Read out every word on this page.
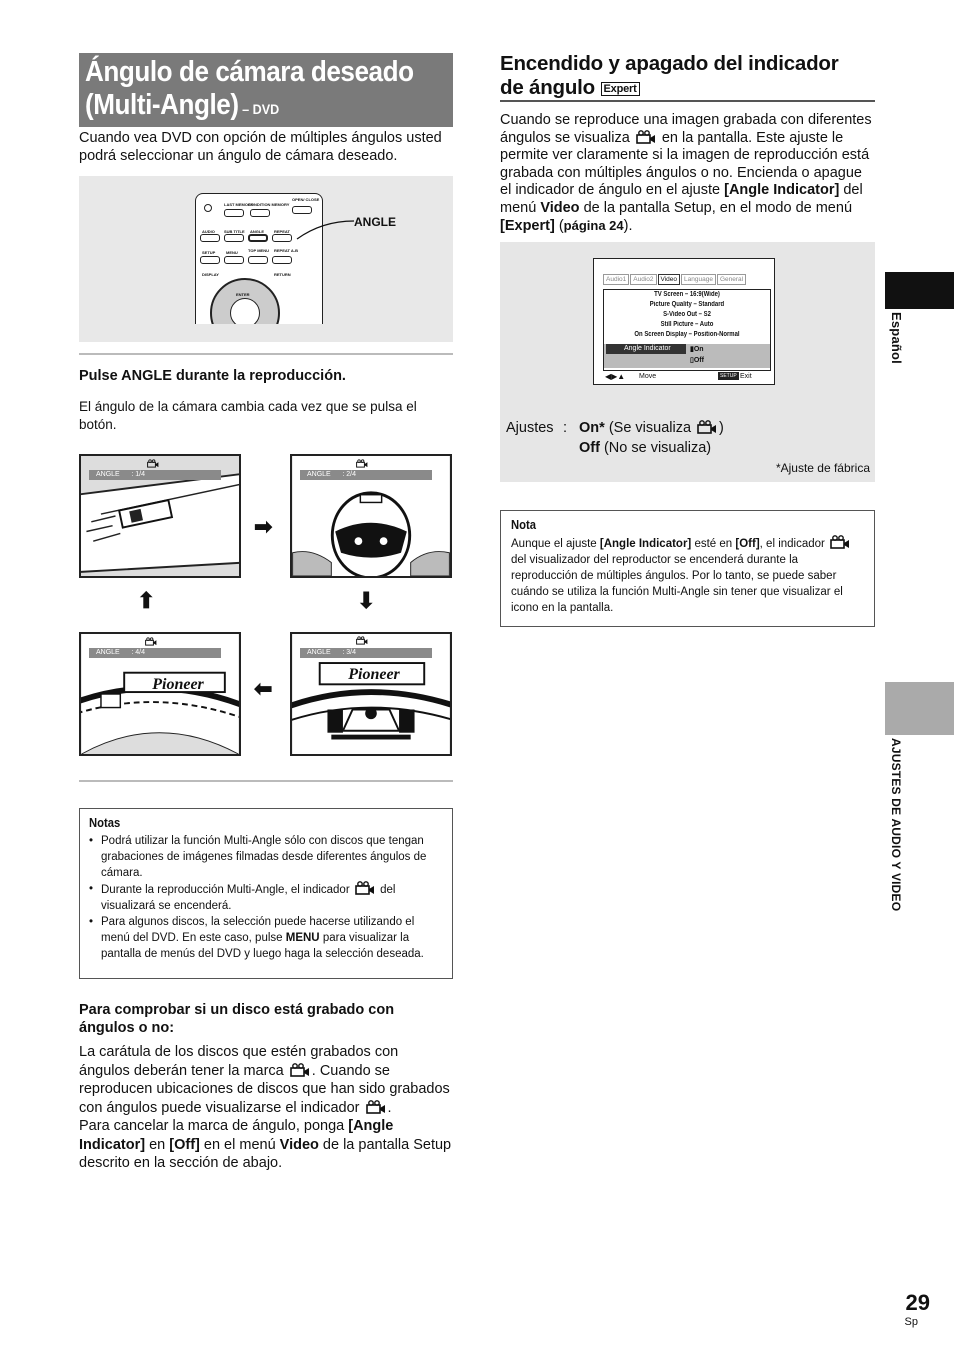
Ángulo de cámara deseado
(Multi-Angle) – DVD
Cuando vea DVD con opción de múltiples ángulos usted podrá seleccionar un ángulo de cámara deseado.
LAST MEMORY
CONDITION MEMORY
OPEN/ CLOSE
AUDIO SUB TITLE ANGLE	REPEAT
SETUP	MENU	TOP MENU REPEAT A-B
DISPLAY	RETURN
ENTER
ANGLE
Pulse ANGLE durante la reproducción.
El ángulo de la cámara cambia cada vez que se pulsa el botón.
ANGLE      : 1/4	ANGLE      : 2/4
➡
⬆	⬇
⬅
ANGLE      : 4/4
Pioneer
ANGLE      : 3/4
Pioneer
Notas
• Podrá utilizar la función Multi-Angle sólo con discos que tengan grabaciones de imágenes filmadas desde diferentes ángulos de cámara.
• Durante la reproducción Multi-Angle, el indicador	del visualizará se encenderá.
• Para algunos discos, la selección puede hacerse utilizando el menú del DVD. En este caso, pulse MENU para visualizar la pantalla de menús del DVD y luego haga la selección deseada.
Para comprobar si un disco está grabado con ángulos o no:
La carátula de los discos que estén grabados con ángulos deberán tener la marca . Cuando se reproducen ubicaciones de discos que han sido grabados con ángulos puede visualizarse el indicador .
Para cancelar la marca de ángulo, ponga [Angle Indicator] en [Off] en el menú Video de la pantalla Setup descrito en la sección de abajo.
Encendido y apagado del indicador
de ángulo Expert
Cuando se reproduce una imagen grabada con diferentes ángulos se visualiza en la pantalla. Este ajuste le permite ver claramente si la imagen de reproducción está grabada con múltiples ángulos o no. Encienda o apague el indicador de ángulo en el ajuste [Angle Indicator] del menú Video de la pantalla Setup, en el modo de menú [Expert] (página 24).
Audio1	Audio2	Video	Language	General
TV Screen – 16:9(Wide)
Picture Quality – Standard
S-Video Out – S2
Still Picture – Auto
On Screen Display – Position-Normal
Angle Indicator	▮On
▯Off
◀▶▲ Move	SETUP Exit
Ajustes : On* (Se visualiza )
Off (No se visualiza)
*Ajuste de fábrica
Nota
Aunque el ajuste [Angle Indicator] esté en [Off], el indicador  del visualizador del reproductor se encenderá durante la reproducción de múltiples ángulos. Por lo tanto, se puede saber cuándo se utiliza la función Multi-Angle sin tener que visualizar el icono en la pantalla.
Español
AJUSTES DE AUDIO Y VIDEO
29
Sp
